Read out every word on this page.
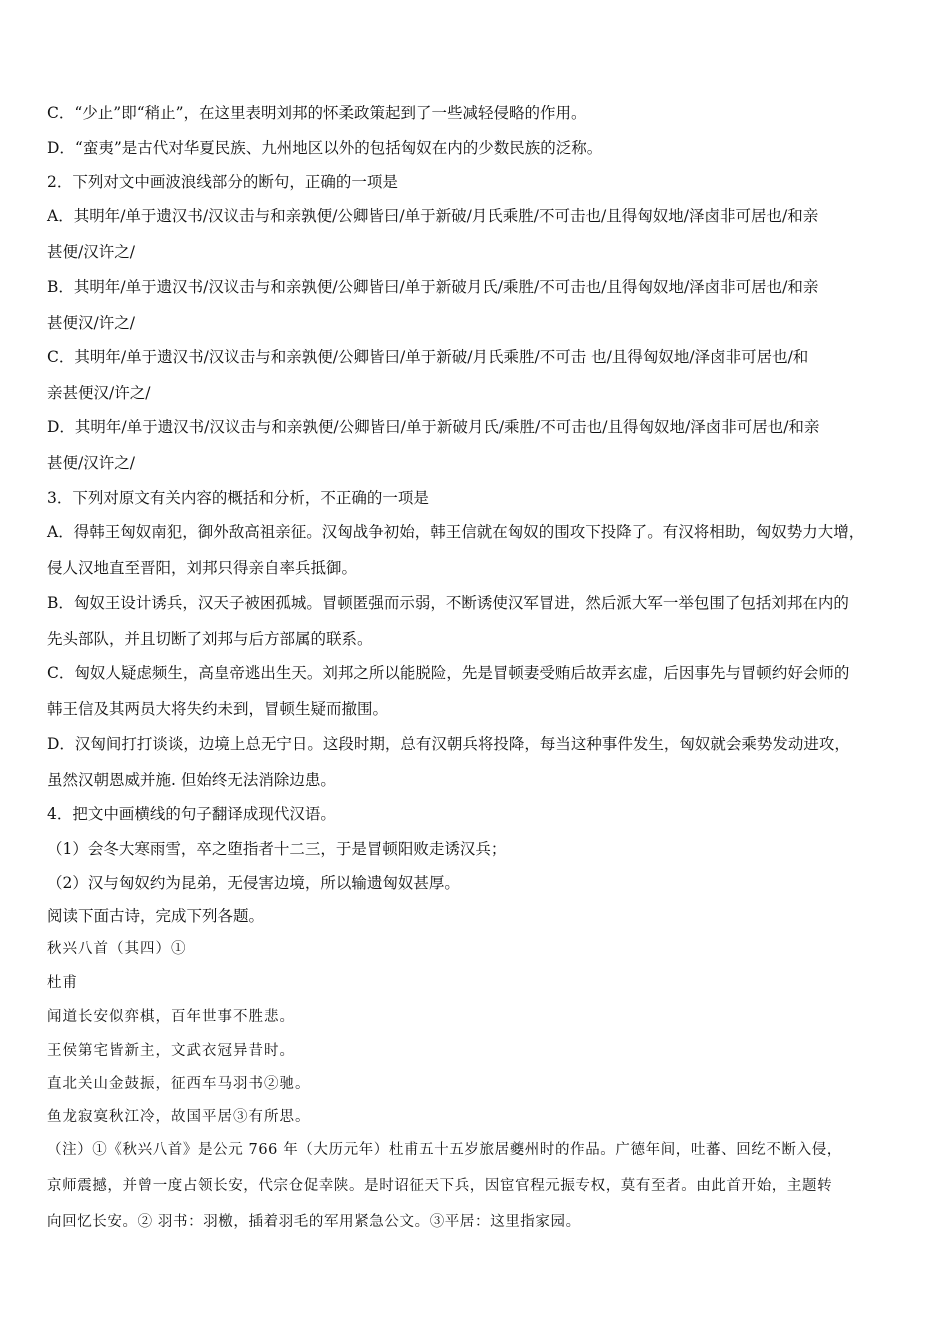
C．“少止”即“稍止”，在这里表明刘邦的怀柔政策起到了一些减轻侵略的作用。
D．“蛮夷”是古代对华夏民族、九州地区以外的包括匈奴在内的少数民族的泛称。
2．下列对文中画波浪线部分的断句，正确的一项是
A．其明年/单于遗汉书/汉议击与和亲孰便/公卿皆曰/单于新破/月氏乘胜/不可击也/且得匈奴地/泽卤非可居也/和亲
甚便/汉许之/
B．其明年/单于遗汉书/汉议击与和亲孰便/公卿皆曰/单于新破月氏/乘胜/不可击也/且得匈奴地/泽卤非可居也/和亲
甚便汉/许之/
C．其明年/单于遗汉书/汉议击与和亲孰便/公卿皆曰/单于新破/月氏乘胜/不可击 也/且得匈奴地/泽卤非可居也/和
亲甚便汉/许之/
D．其明年/单于遗汉书/汉议击与和亲孰便/公卿皆曰/单于新破月氏/乘胜/不可击也/且得匈奴地/泽卤非可居也/和亲
甚便/汉许之/
3．下列对原文有关内容的概括和分析，不正确的一项是
A．得韩王匈奴南犯，御外敌高祖亲征。汉匈战争初始，韩王信就在匈奴的围攻下投降了。有汉将相助，匈奴势力大增，
侵人汉地直至晋阳，刘邦只得亲自率兵抵御。
B．匈奴王设计诱兵，汉天子被困孤城。冒顿匿强而示弱，不断诱使汉军冒进，然后派大军一举包围了包括刘邦在内的
先头部队，并且切断了刘邦与后方部属的联系。
C．匈奴人疑虑频生，高皇帝逃出生天。刘邦之所以能脱险，先是冒顿妻受贿后故弄玄虚，后因事先与冒顿约好会师的
韩王信及其两员大将失约未到，冒顿生疑而撤围。
D．汉匈间打打谈谈，边境上总无宁日。这段时期，总有汉朝兵将投降，每当这种事件发生，匈奴就会乘势发动进攻，
虽然汉朝恩威并施. 但始终无法消除边患。
4．把文中画横线的句子翻译成现代汉语。
（1）会冬大寒雨雪，卒之堕指者十二三，于是冒顿阳败走诱汉兵；
（2）汉与匈奴约为昆弟，无侵害边境，所以输遗匈奴甚厚。
阅读下面古诗，完成下列各题。
秋兴八首（其四）①
杜甫
闻道长安似弈棋，百年世事不胜悲。
王侯第宅皆新主，文武衣冠异昔时。
直北关山金鼓振，征西车马羽书②驰。
鱼龙寂寞秋江冷，故国平居③有所思。
（注）①《秋兴八首》是公元 766 年（大历元年）杜甫五十五岁旅居夔州时的作品。广德年间，吐蕃、回纥不断入侵，
京师震撼，并曾一度占领长安，代宗仓促幸陕。是时诏征天下兵，因宦官程元振专权，莫有至者。由此首开始，主题转
向回忆长安。② 羽书：羽檄，插着羽毛的军用紧急公文。③平居：这里指家园。
